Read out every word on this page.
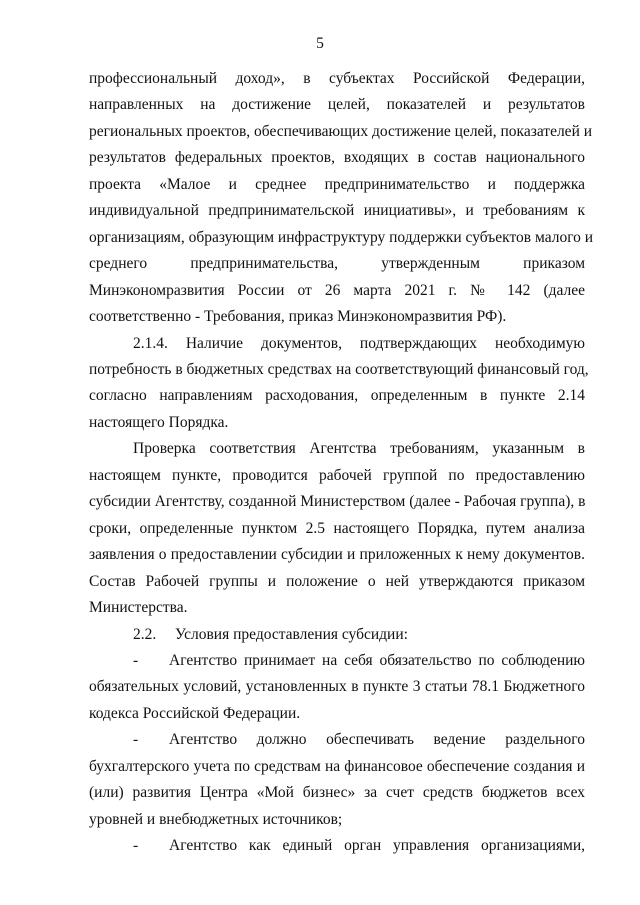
5
профессиональный доход», в субъектах Российской Федерации,
направленных на достижение целей, показателей и результатов
региональных проектов, обеспечивающих достижение целей, показателей и
результатов федеральных проектов, входящих в состав национального
проекта «Малое и среднее предпринимательство и поддержка
индивидуальной предпринимательской инициативы», и требованиям к
организациям, образующим инфраструктуру поддержки субъектов малого и
среднего предпринимательства, утвержденным приказом
Минэкономразвития России от 26 марта 2021 г. № 142 (далее
соответственно - Требования, приказ Минэкономразвития РФ).
2.1.4. Наличие документов, подтверждающих необходимую
потребность в бюджетных средствах на соответствующий финансовый год,
согласно направлениям расходования, определенным в пункте 2.14
настоящего Порядка.
Проверка соответствия Агентства требованиям, указанным в
настоящем пункте, проводится рабочей группой по предоставлению
субсидии Агентству, созданной Министерством (далее - Рабочая группа), в
сроки, определенные пунктом 2.5 настоящего Порядка, путем анализа
заявления о предоставлении субсидии и приложенных к нему документов.
Состав Рабочей группы и положение о ней утверждаются приказом
Министерства.
2.2.	Условия предоставления субсидии:
-	Агентство принимает на себя обязательство по соблюдению
обязательных условий, установленных в пункте 3 статьи 78.1 Бюджетного
кодекса Российской Федерации.
-	Агентство должно обеспечивать ведение раздельного
бухгалтерского учета по средствам на финансовое обеспечение создания и
(или) развития Центра «Мой бизнес» за счет средств бюджетов всех
уровней и внебюджетных источников;
-	Агентство как единый орган управления организациями,
